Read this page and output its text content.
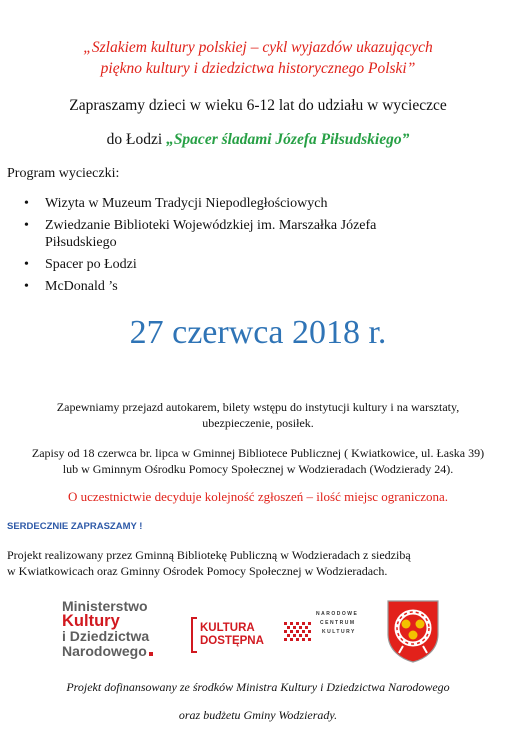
„Szlakiem kultury polskiej – cykl wyjazdów ukazujących
piękno kultury i dziedzictwa historycznego Polski”
Zapraszamy dzieci w wieku 6-12 lat do udziału w wycieczce
do Łodzi „Spacer śladami Józefa Piłsudskiego”
Program wycieczki:
• Wizyta w Muzeum Tradycji Niepodległościowych
• Zwiedzanie Biblioteki Wojewódzkiej im. Marszałka Józefa Piłsudskiego
• Spacer po Łodzi
• McDonald ’s
27 czerwca 2018 r.
Zapewniamy przejazd autokarem, bilety wstępu do instytucji kultury i na warsztaty,
ubezpieczenie, posiłek.
Zapisy od 18 czerwca br. lipca w Gminnej Bibliotece Publicznej ( Kwiatkowice, ul. Łaska 39)
lub w Gminnym Ośrodku Pomocy Społecznej w Wodzieradach (Wodzierady 24).
O uczestnictwie decyduje kolejność zgłoszeń – ilość miejsc ograniczona.
SERDECZNIE ZAPRASZAMY !
Projekt realizowany przez Gminną Bibliotekę Publiczną w Wodzieradach z siedzibą
w Kwiatkowicach oraz Gminny Ośrodek Pomocy Społecznej w Wodzieradach.
Ministerstwo
Kultury
i Dziedzictwa
Narodowego
KULTURA
DOSTĘPNA
NARODOWE
CENTRUM
KULTURY
Projekt dofinansowany ze środków Ministra Kultury i Dziedzictwa Narodowego
oraz budżetu Gminy Wodzierady.
